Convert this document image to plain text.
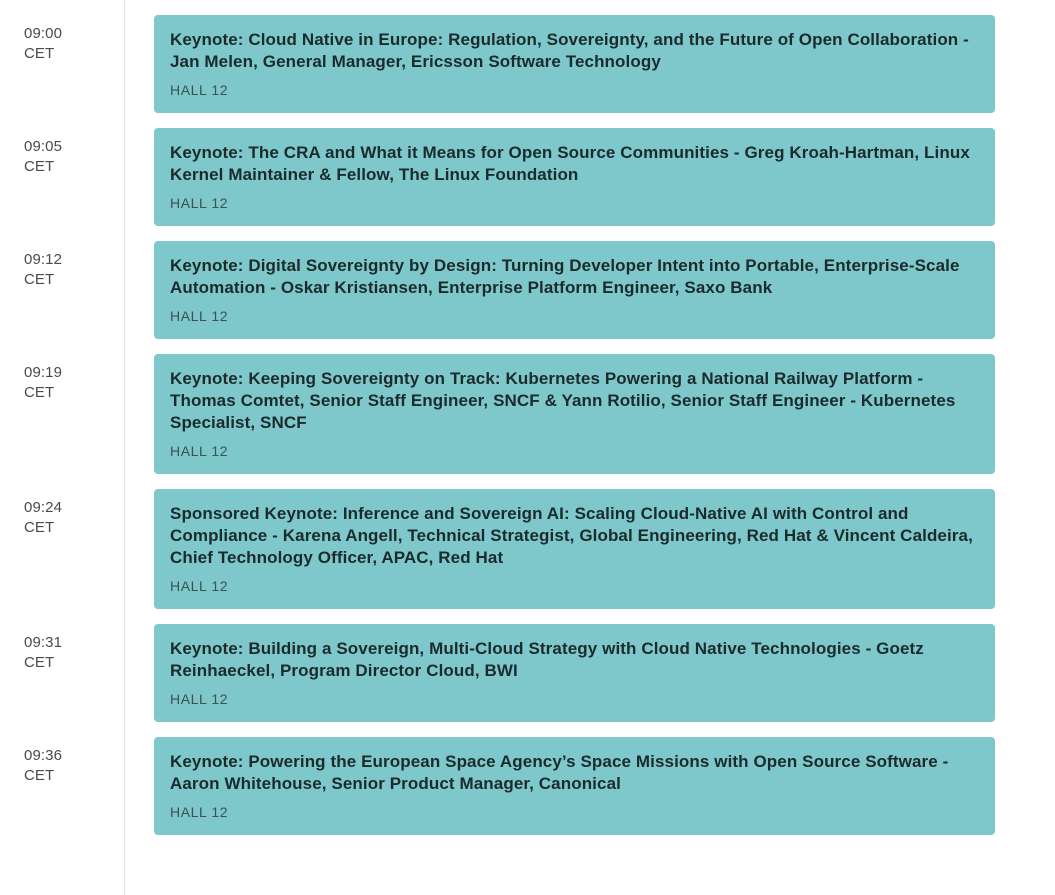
09:00
CET

Keynote: Cloud Native in Europe: Regulation, Sovereignty, and the Future of Open Collaboration - Jan Melen, General Manager, Ericsson Software Technology

HALL 12

09:05
CET

Keynote: The CRA and What it Means for Open Source Communities - Greg Kroah-Hartman, Linux Kernel Maintainer & Fellow, The Linux Foundation

HALL 12

09:12
CET

Keynote: Digital Sovereignty by Design: Turning Developer Intent into Portable, Enterprise-Scale Automation - Oskar Kristiansen, Enterprise Platform Engineer, Saxo Bank

HALL 12

09:19
CET

Keynote: Keeping Sovereignty on Track: Kubernetes Powering a National Railway Platform - Thomas Comtet, Senior Staff Engineer, SNCF & Yann Rotilio, Senior Staff Engineer - Kubernetes Specialist, SNCF

HALL 12

09:24
CET

Sponsored Keynote: Inference and Sovereign AI: Scaling Cloud-Native AI with Control and Compliance - Karena Angell, Technical Strategist, Global Engineering, Red Hat & Vincent Caldeira, Chief Technology Officer, APAC, Red Hat

HALL 12

09:31
CET

Keynote: Building a Sovereign, Multi-Cloud Strategy with Cloud Native Technologies - Goetz Reinhaeckel, Program Director Cloud, BWI

HALL 12

09:36
CET

Keynote: Powering the European Space Agency’s Space Missions with Open Source Software - Aaron Whitehouse, Senior Product Manager, Canonical

HALL 12
